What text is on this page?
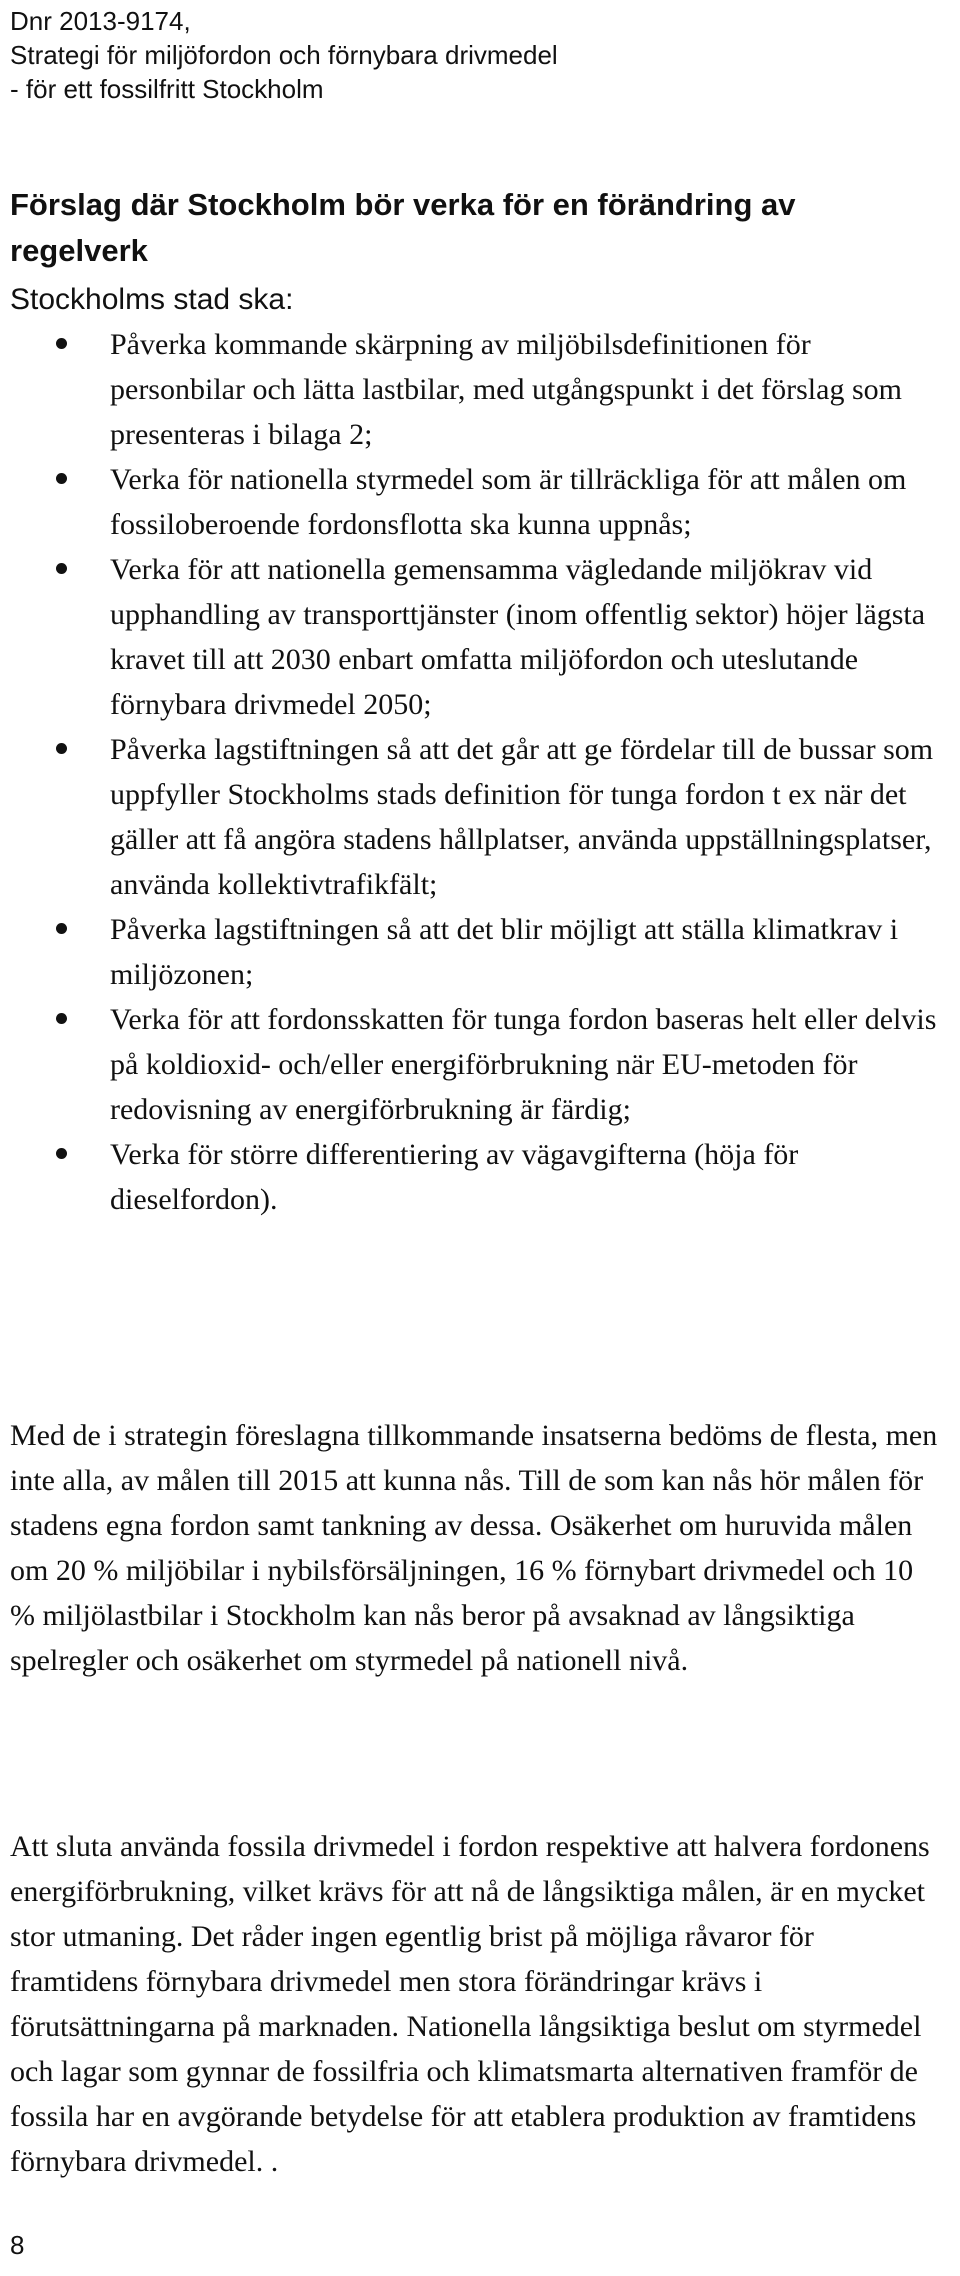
Dnr 2013-9174,
Strategi för miljöfordon och förnybara drivmedel
- för ett fossilfritt Stockholm
Förslag där Stockholm bör verka för en förändring av regelverk
Stockholms stad ska:
Påverka kommande skärpning av miljöbilsdefinitionen för personbilar och lätta lastbilar, med utgångspunkt i det förslag som presenteras i bilaga 2;
Verka för nationella styrmedel som är tillräckliga för att målen om fossiloberoende fordonsflotta ska kunna uppnås;
Verka för att nationella gemensamma vägledande miljökrav vid upphandling av transporttjänster (inom offentlig sektor) höjer lägsta kravet till att 2030 enbart omfatta miljöfordon och uteslutande förnybara drivmedel 2050;
Påverka lagstiftningen så att det går att ge fördelar till de bussar som uppfyller Stockholms stads definition för tunga fordon t ex när det gäller att få angöra stadens hållplatser, använda uppställningsplatser, använda kollektivtrafikfält;
Påverka lagstiftningen så att det blir möjligt att ställa klimatkrav i miljözonen;
Verka för att fordonsskatten för tunga fordon baseras helt eller delvis på koldioxid- och/eller energiförbrukning när EU-metoden för redovisning av energiförbrukning är färdig;
Verka för större differentiering av vägavgifterna (höja för dieselfordon).

Med de i strategin föreslagna tillkommande insatserna bedöms de flesta, men inte alla, av målen till 2015 att kunna nås. Till de som kan nås hör målen för stadens egna fordon samt tankning av dessa. Osäkerhet om huruvida målen om 20 % miljöbilar i nybilsförsäljningen, 16 % förnybart drivmedel och 10 % miljölastbilar i Stockholm kan nås beror på avsaknad av långsiktiga spelregler och osäkerhet om styrmedel på nationell nivå.

Att sluta använda fossila drivmedel i fordon respektive att halvera fordonens energiförbrukning, vilket krävs för att nå de långsiktiga målen, är en mycket stor utmaning. Det råder ingen egentlig brist på möjliga råvaror för framtidens förnybara drivmedel men stora förändringar krävs i förutsättningarna på marknaden. Nationella långsiktiga beslut om styrmedel och lagar som gynnar de fossilfria och klimatsmarta alternativen framför de fossila har en avgörande betydelse för att etablera produktion av framtidens förnybara drivmedel. .

8
